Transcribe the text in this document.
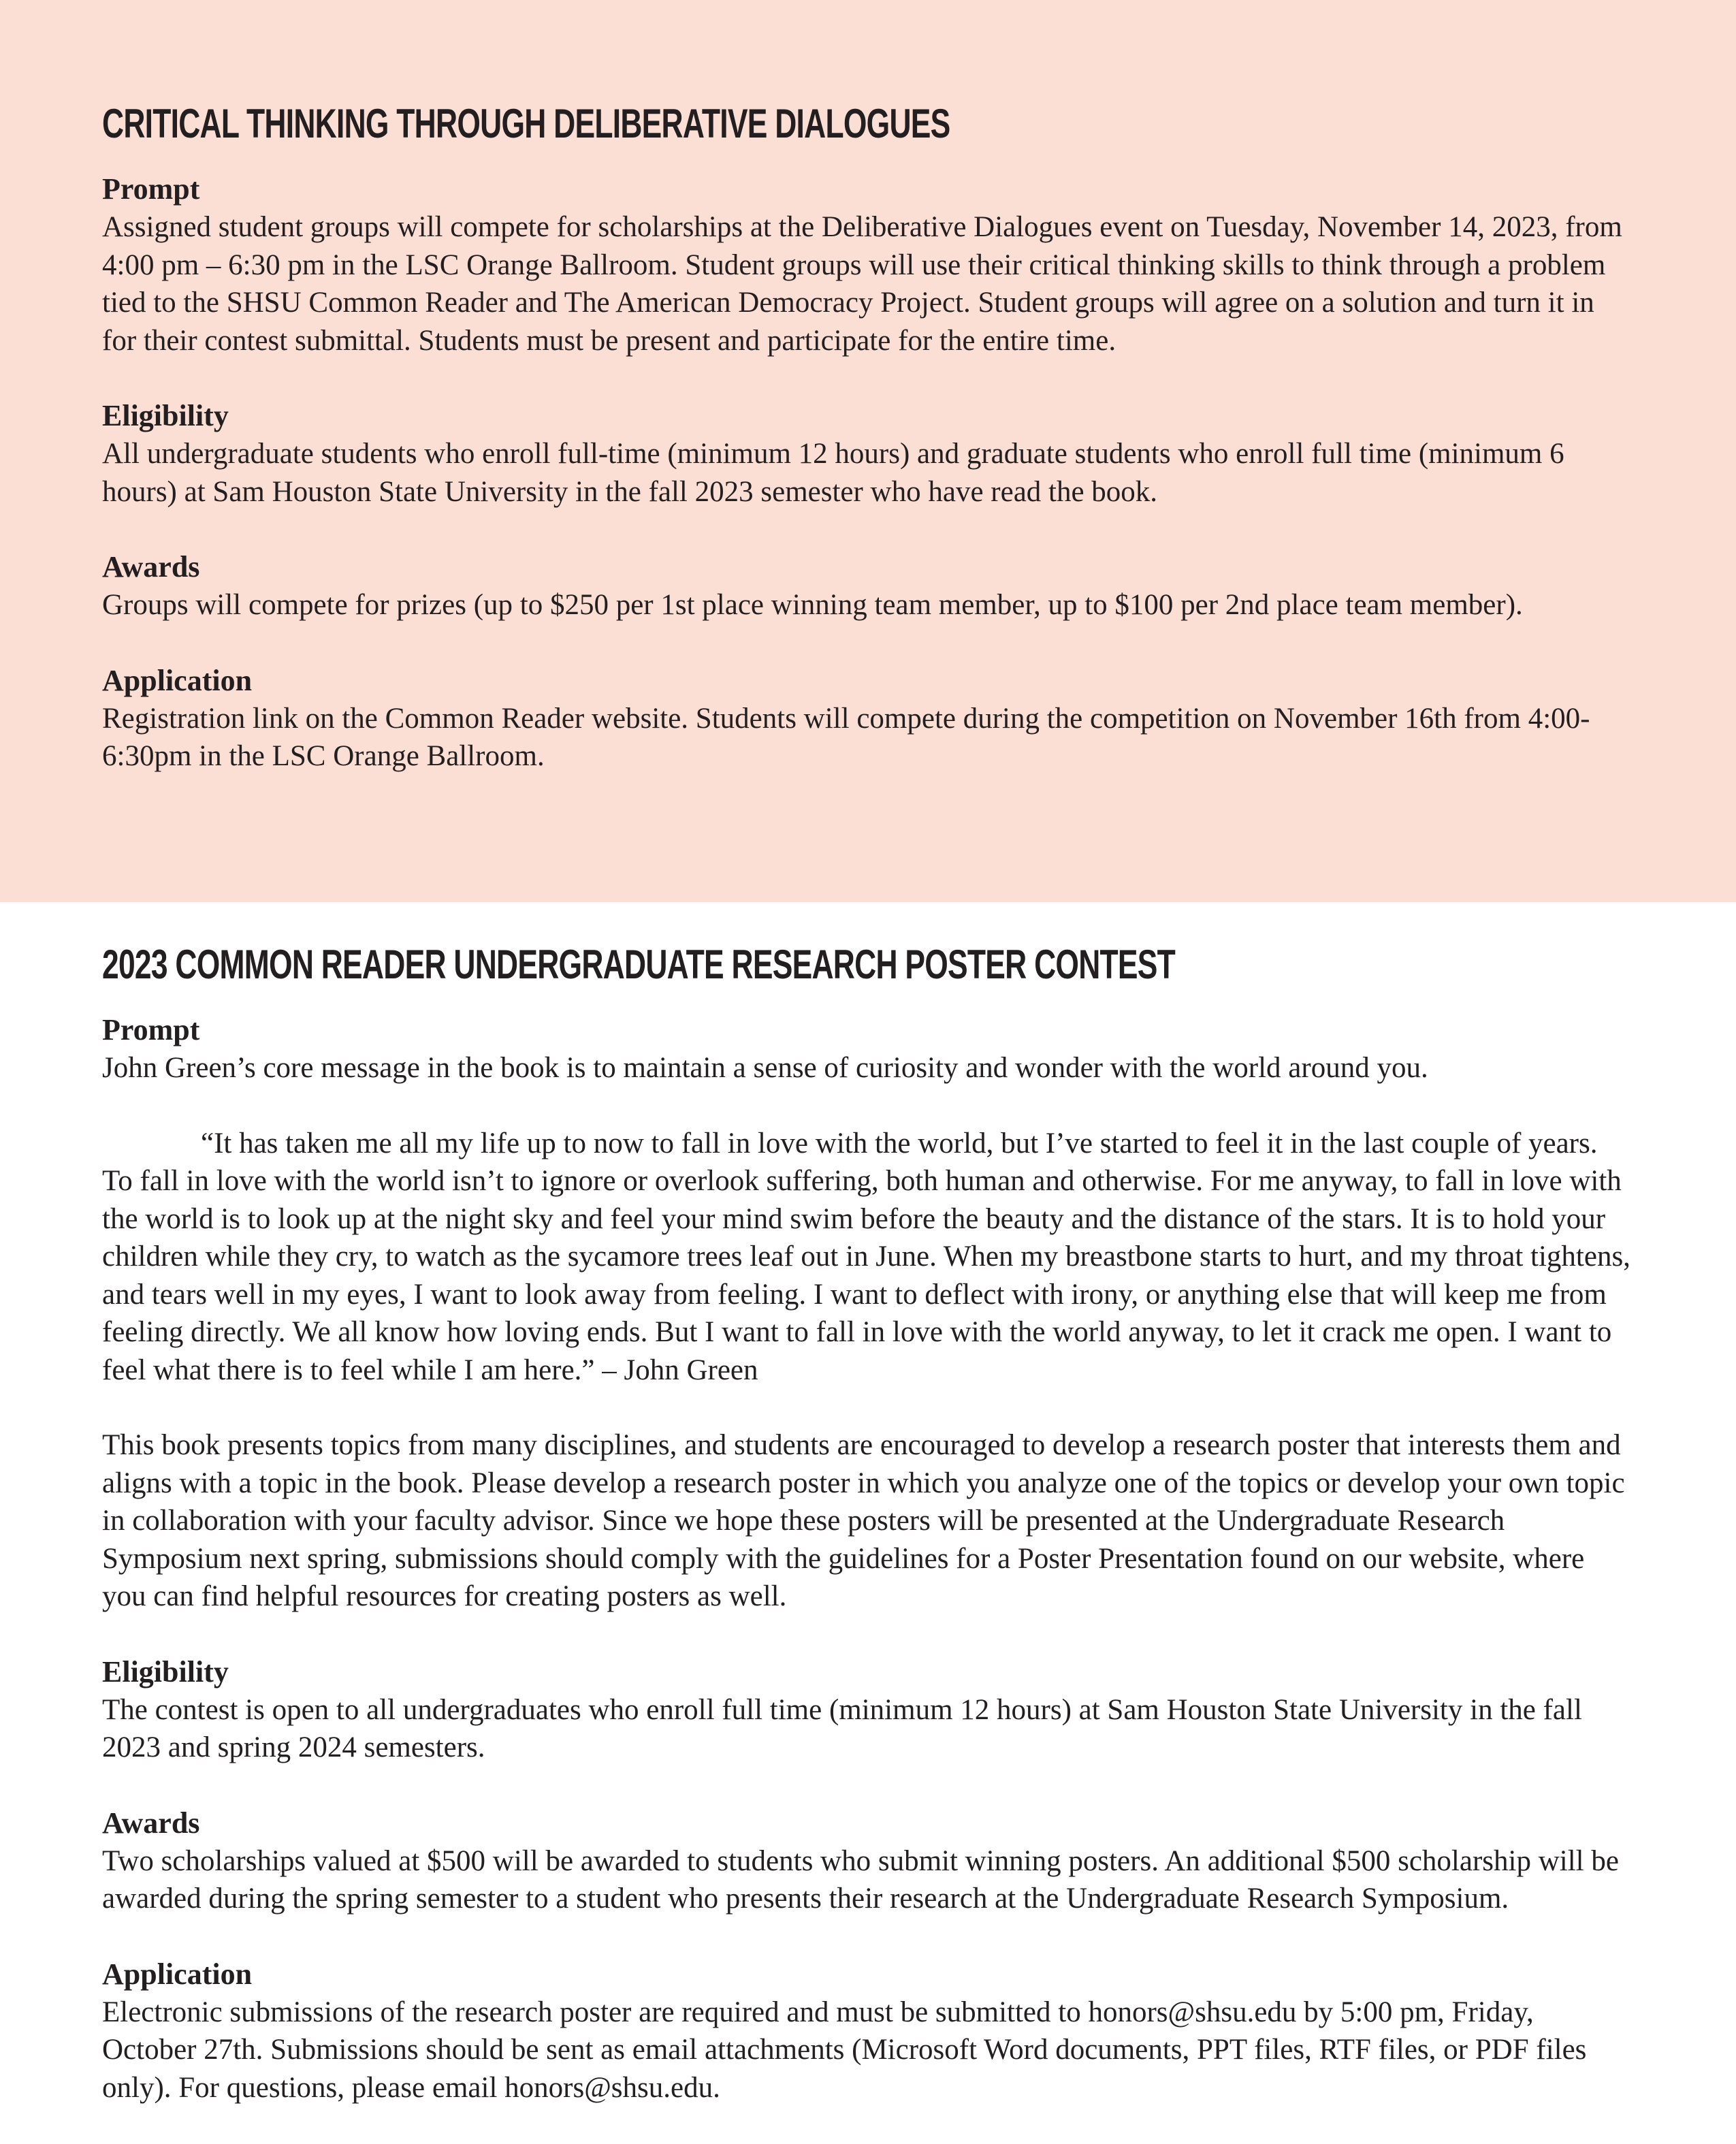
CRITICAL THINKING THROUGH DELIBERATIVE DIALOGUES
Prompt

Assigned student groups will compete for scholarships at the Deliberative Dialogues event on Tuesday, November 14, 2023, from 4:00 pm – 6:30 pm in the LSC Orange Ballroom. Student groups will use their critical thinking skills to think through a problem tied to the SHSU Common Reader and The American Democracy Project. Student groups will agree on a solution and turn it in for their contest submittal. Students must be present and participate for the entire time.

Eligibility

All undergraduate students who enroll full-time (minimum 12 hours) and graduate students who enroll full time (minimum 6 hours) at Sam Houston State University in the fall 2023 semester who have read the book.

Awards

Groups will compete for prizes (up to $250 per 1st place winning team member, up to $100 per 2nd place team member).

Application

Registration link on the Common Reader website. Students will compete during the competition on November 16th from 4:00-6:30pm in the LSC Orange Ballroom.

2023 COMMON READER UNDERGRADUATE RESEARCH POSTER CONTEST
Prompt

John Green’s core message in the book is to maintain a sense of curiosity and wonder with the world around you.

“It has taken me all my life up to now to fall in love with the world, but I’ve started to feel it in the last couple of years. To fall in love with the world isn’t to ignore or overlook suffering, both human and otherwise. For me anyway, to fall in love with the world is to look up at the night sky and feel your mind swim before the beauty and the distance of the stars. It is to hold your children while they cry, to watch as the sycamore trees leaf out in June. When my breastbone starts to hurt, and my throat tightens, and tears well in my eyes, I want to look away from feeling. I want to deflect with irony, or anything else that will keep me from feeling directly. We all know how loving ends. But I want to fall in love with the world anyway, to let it crack me open. I want to feel what there is to feel while I am here.” – John Green

This book presents topics from many disciplines, and students are encouraged to develop a research poster that interests them and aligns with a topic in the book. Please develop a research poster in which you analyze one of the topics or develop your own topic in collaboration with your faculty advisor. Since we hope these posters will be presented at the Undergraduate Research Symposium next spring, submissions should comply with the guidelines for a Poster Presentation found on our website, where you can find helpful resources for creating posters as well.

Eligibility

The contest is open to all undergraduates who enroll full time (minimum 12 hours) at Sam Houston State University in the fall 2023 and spring 2024 semesters.

Awards

Two scholarships valued at $500 will be awarded to students who submit winning posters. An additional $500 scholarship will be awarded during the spring semester to a student who presents their research at the Undergraduate Research Symposium.

Application

Electronic submissions of the research poster are required and must be submitted to honors@shsu.edu by 5:00 pm, Friday, October 27th. Submissions should be sent as email attachments (Microsoft Word documents, PPT files, RTF files, or PDF files only). For questions, please email honors@shsu.edu.
